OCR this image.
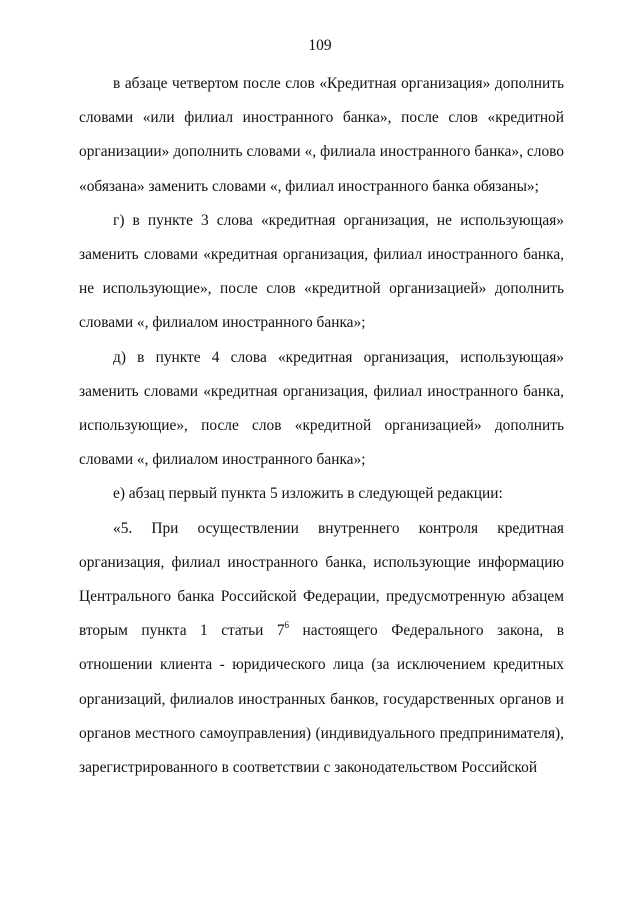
109

в абзаце четвертом после слов «Кредитная организация» дополнить словами «или филиал иностранного банка», после слов «кредитной организации» дополнить словами «, филиала иностранного банка», слово «обязана» заменить словами «, филиал иностранного банка обязаны»;

г) в пункте 3 слова «кредитная организация, не использующая» заменить словами «кредитная организация, филиал иностранного банка, не использующие», после слов «кредитной организацией» дополнить словами «, филиалом иностранного банка»;

д) в пункте 4 слова «кредитная организация, использующая» заменить словами «кредитная организация, филиал иностранного банка, использующие», после слов «кредитной организацией» дополнить словами «, филиалом иностранного банка»;

е) абзац первый пункта 5 изложить в следующей редакции:

«5. При осуществлении внутреннего контроля кредитная организация, филиал иностранного банка, использующие информацию Центрального банка Российской Федерации, предусмотренную абзацем вторым пункта 1 статьи $7^6$ настоящего Федерального закона, в отношении клиента - юридического лица (за исключением кредитных организаций, филиалов иностранных банков, государственных органов и органов местного самоуправления) (индивидуального предпринимателя), зарегистрированного в соответствии с законодательством Российской
